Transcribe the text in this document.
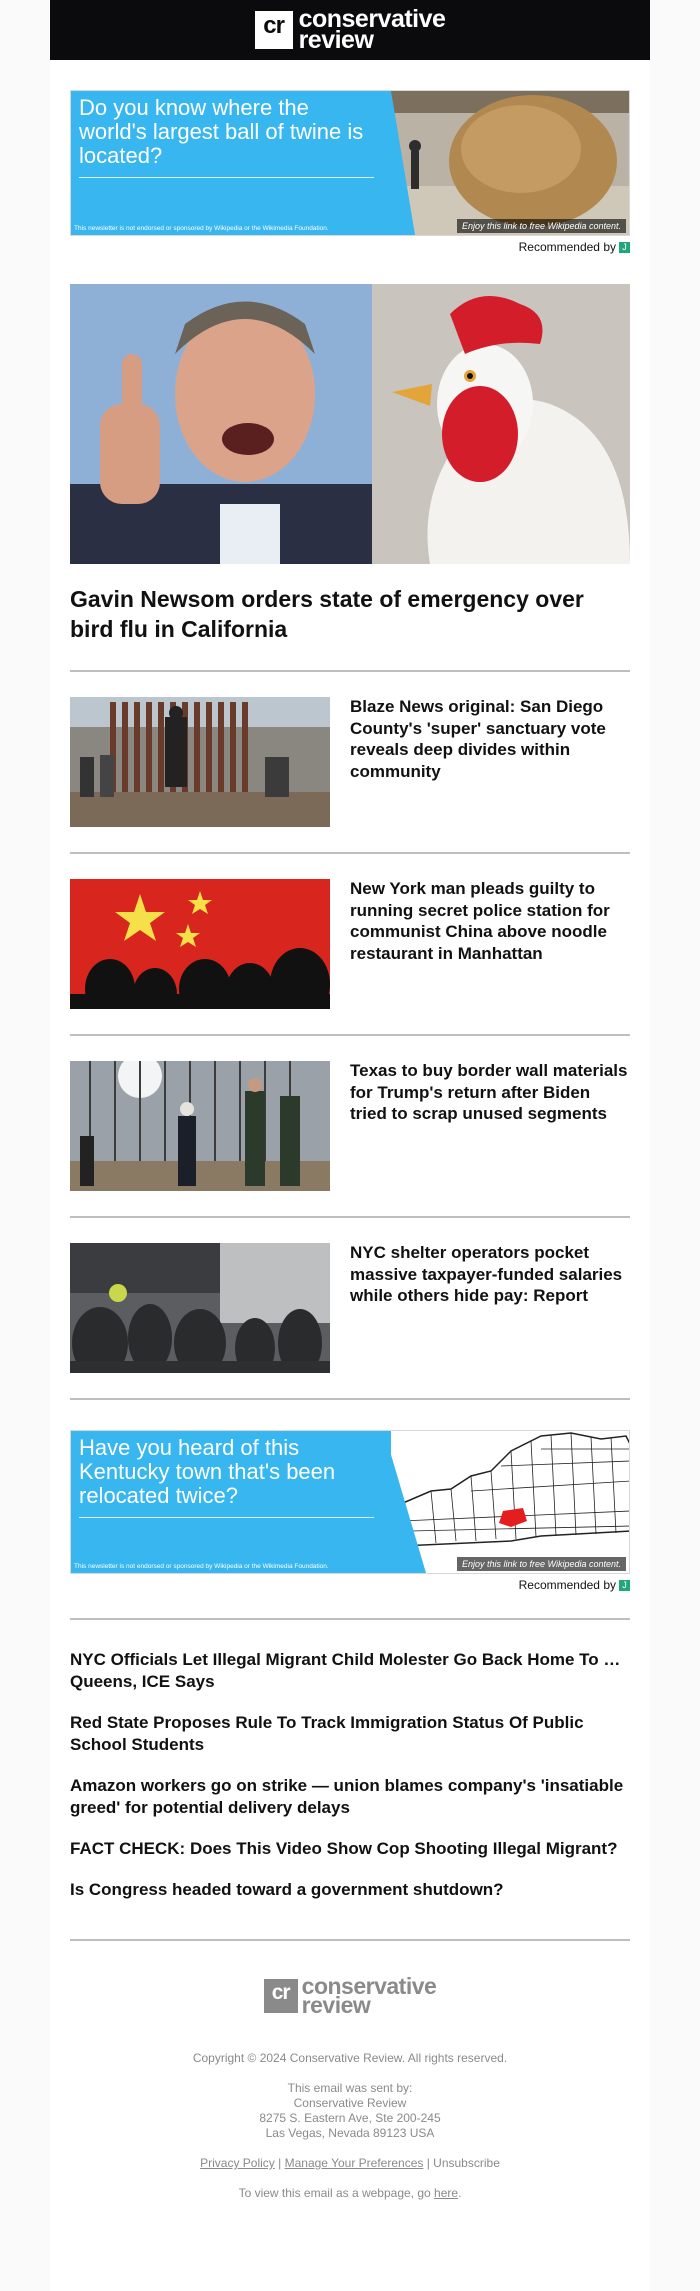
cr conservative
review
Do you know where the world's largest ball of twine is located?
This newsletter is not endorsed or sponsored by Wikipedia or the Wikimedia Foundation.	Enjoy this link to free Wikipedia content.
Recommended by J
Gavin Newsom orders state of emergency over bird flu in California
Blaze News original: San Diego County's 'super' sanctuary vote reveals deep divides within community
New York man pleads guilty to running secret police station for communist China above noodle restaurant in Manhattan
Texas to buy border wall materials for Trump's return after Biden tried to scrap unused segments
NYC shelter operators pocket massive taxpayer-funded salaries while others hide pay: Report
Have you heard of this Kentucky town that's been relocated twice?
This newsletter is not endorsed or sponsored by Wikipedia or the Wikimedia Foundation.	Enjoy this link to free Wikipedia content.
Recommended by J
NYC Officials Let Illegal Migrant Child Molester Go Back Home To … Queens, ICE Says
Red State Proposes Rule To Track Immigration Status Of Public School Students
Amazon workers go on strike — union blames company's 'insatiable greed' for potential delivery delays
FACT CHECK: Does This Video Show Cop Shooting Illegal Migrant?
Is Congress headed toward a government shutdown?
cr conservative
review

Copyright © 2024 Conservative Review. All rights reserved.

This email was sent by:

Conservative Review

8275 S. Eastern Ave, Ste 200-245

Las Vegas, Nevada 89123 USA

Privacy Policy | Manage Your Preferences | Unsubscribe

To view this email as a webpage, go here.
